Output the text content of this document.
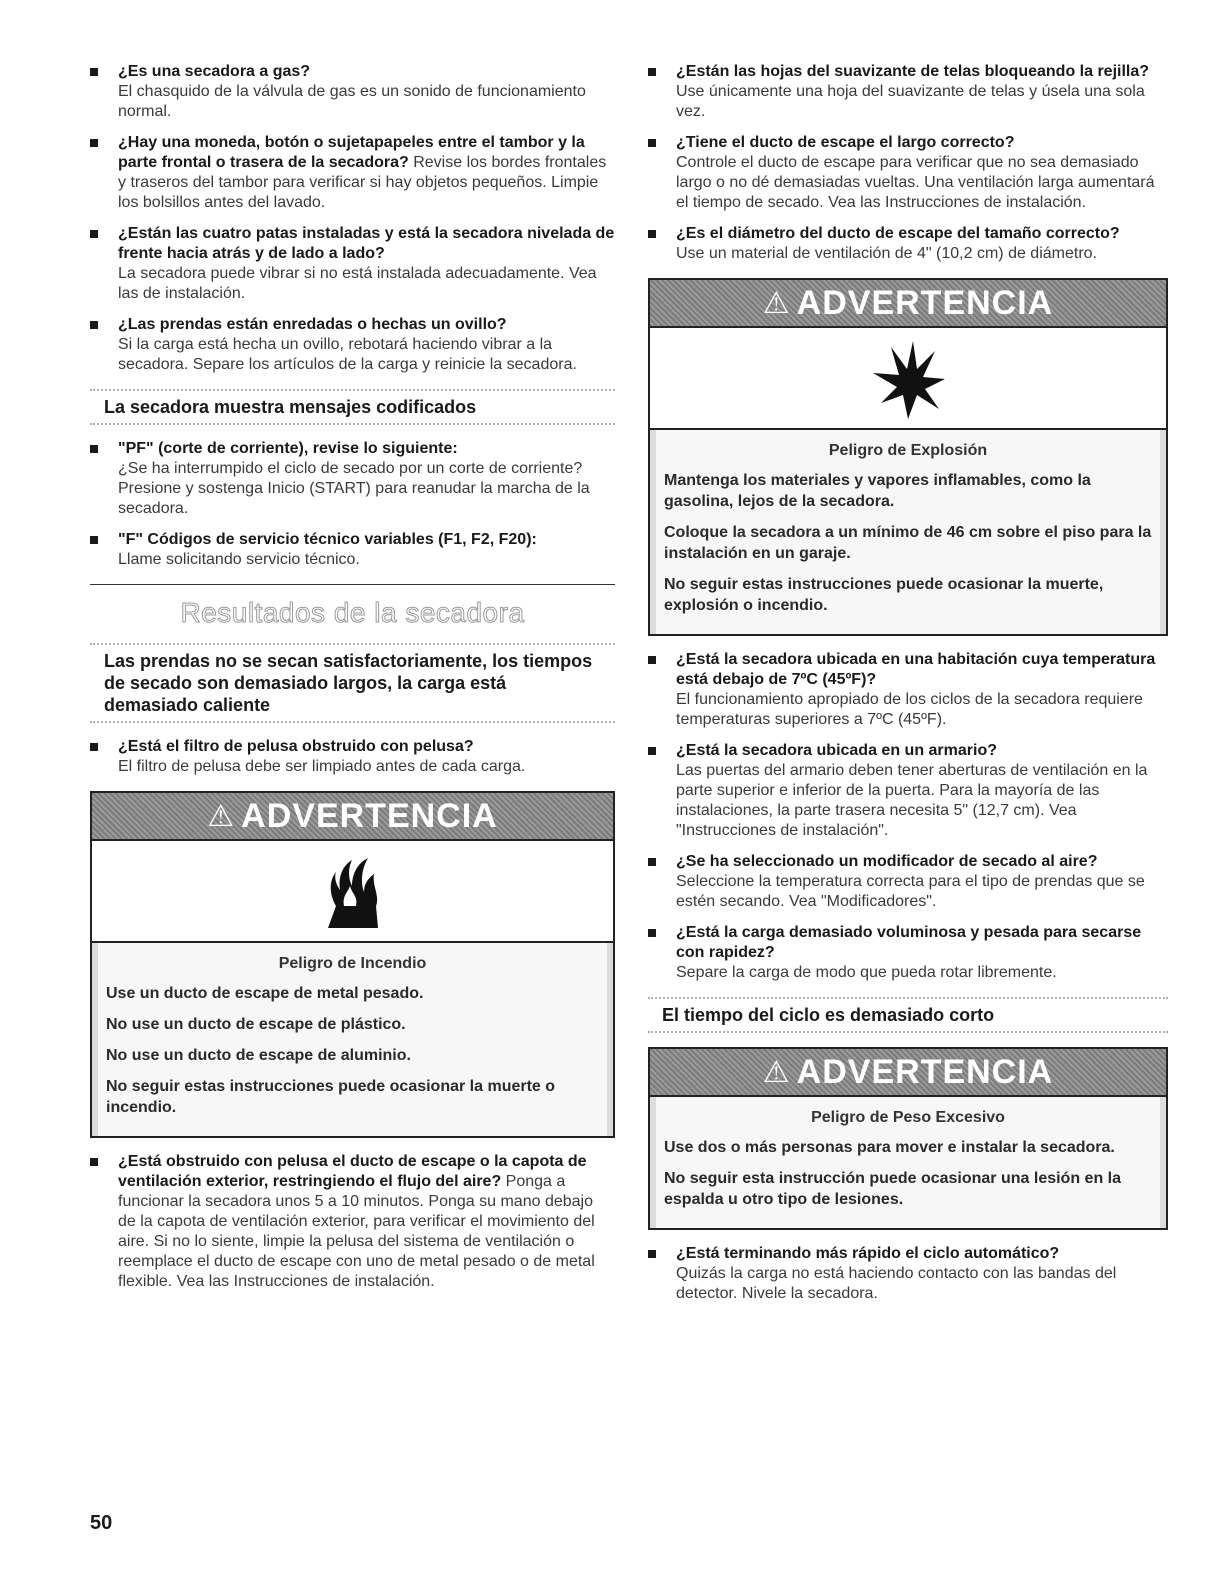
¿Es una secadora a gas?
El chasquido de la válvula de gas es un sonido de funcionamiento normal.
¿Hay una moneda, botón o sujetapapeles entre el tambor y la parte frontal o trasera de la secadora? Revise los bordes frontales y traseros del tambor para verificar si hay objetos pequeños. Limpie los bolsillos antes del lavado.
¿Están las cuatro patas instaladas y está la secadora nivelada de frente hacia atrás y de lado a lado?
La secadora puede vibrar si no está instalada adecuadamente. Vea las de instalación.
¿Las prendas están enredadas o hechas un ovillo?
Si la carga está hecha un ovillo, rebotará haciendo vibrar a la secadora. Separe los artículos de la carga y reinicie la secadora.
La secadora muestra mensajes codificados
"PF" (corte de corriente), revise lo siguiente:
¿Se ha interrumpido el ciclo de secado por un corte de corriente? Presione y sostenga Inicio (START) para reanudar la marcha de la secadora.
"F" Códigos de servicio técnico variables (F1, F2, F20):
Llame solicitando servicio técnico.
Resultados de la secadora
Las prendas no se secan satisfactoriamente, los tiempos de secado son demasiado largos, la carga está demasiado caliente
¿Está el filtro de pelusa obstruido con pelusa?
El filtro de pelusa debe ser limpiado antes de cada carga.
⚠ ADVERTENCIA
Peligro de Incendio
Use un ducto de escape de metal pesado.
No use un ducto de escape de plástico.
No use un ducto de escape de aluminio.
No seguir estas instrucciones puede ocasionar la muerte o incendio.
¿Está obstruido con pelusa el ducto de escape o la capota de ventilación exterior, restringiendo el flujo del aire? Ponga a funcionar la secadora unos 5 a 10 minutos. Ponga su mano debajo de la capota de ventilación exterior, para verificar el movimiento del aire. Si no lo siente, limpie la pelusa del sistema de ventilación o reemplace el ducto de escape con uno de metal pesado o de metal flexible. Vea las Instrucciones de instalación.
¿Están las hojas del suavizante de telas bloqueando la rejilla?
Use únicamente una hoja del suavizante de telas y úsela una sola vez.
¿Tiene el ducto de escape el largo correcto?
Controle el ducto de escape para verificar que no sea demasiado largo o no dé demasiadas vueltas. Una ventilación larga aumentará el tiempo de secado. Vea las Instrucciones de instalación.
¿Es el diámetro del ducto de escape del tamaño correcto?
Use un material de ventilación de 4" (10,2 cm) de diámetro.
⚠ ADVERTENCIA
Peligro de Explosión
Mantenga los materiales y vapores inflamables, como la gasolina, lejos de la secadora.
Coloque la secadora a un mínimo de 46 cm sobre el piso para la instalación en un garaje.
No seguir estas instrucciones puede ocasionar la muerte, explosión o incendio.
¿Está la secadora ubicada en una habitación cuya temperatura está debajo de 7ºC (45ºF)?
El funcionamiento apropiado de los ciclos de la secadora requiere temperaturas superiores a 7ºC (45ºF).
¿Está la secadora ubicada en un armario?
Las puertas del armario deben tener aberturas de ventilación en la parte superior e inferior de la puerta. Para la mayoría de las instalaciones, la parte trasera necesita 5" (12,7 cm). Vea "Instrucciones de instalación".
¿Se ha seleccionado un modificador de secado al aire?
Seleccione la temperatura correcta para el tipo de prendas que se estén secando. Vea "Modificadores".
¿Está la carga demasiado voluminosa y pesada para secarse con rapidez?
Separe la carga de modo que pueda rotar libremente.
El tiempo del ciclo es demasiado corto
⚠ ADVERTENCIA
Peligro de Peso Excesivo
Use dos o más personas para mover e instalar la secadora.
No seguir esta instrucción puede ocasionar una lesión en la espalda u otro tipo de lesiones.
¿Está terminando más rápido el ciclo automático?
Quizás la carga no está haciendo contacto con las bandas del detector. Nivele la secadora.
50
